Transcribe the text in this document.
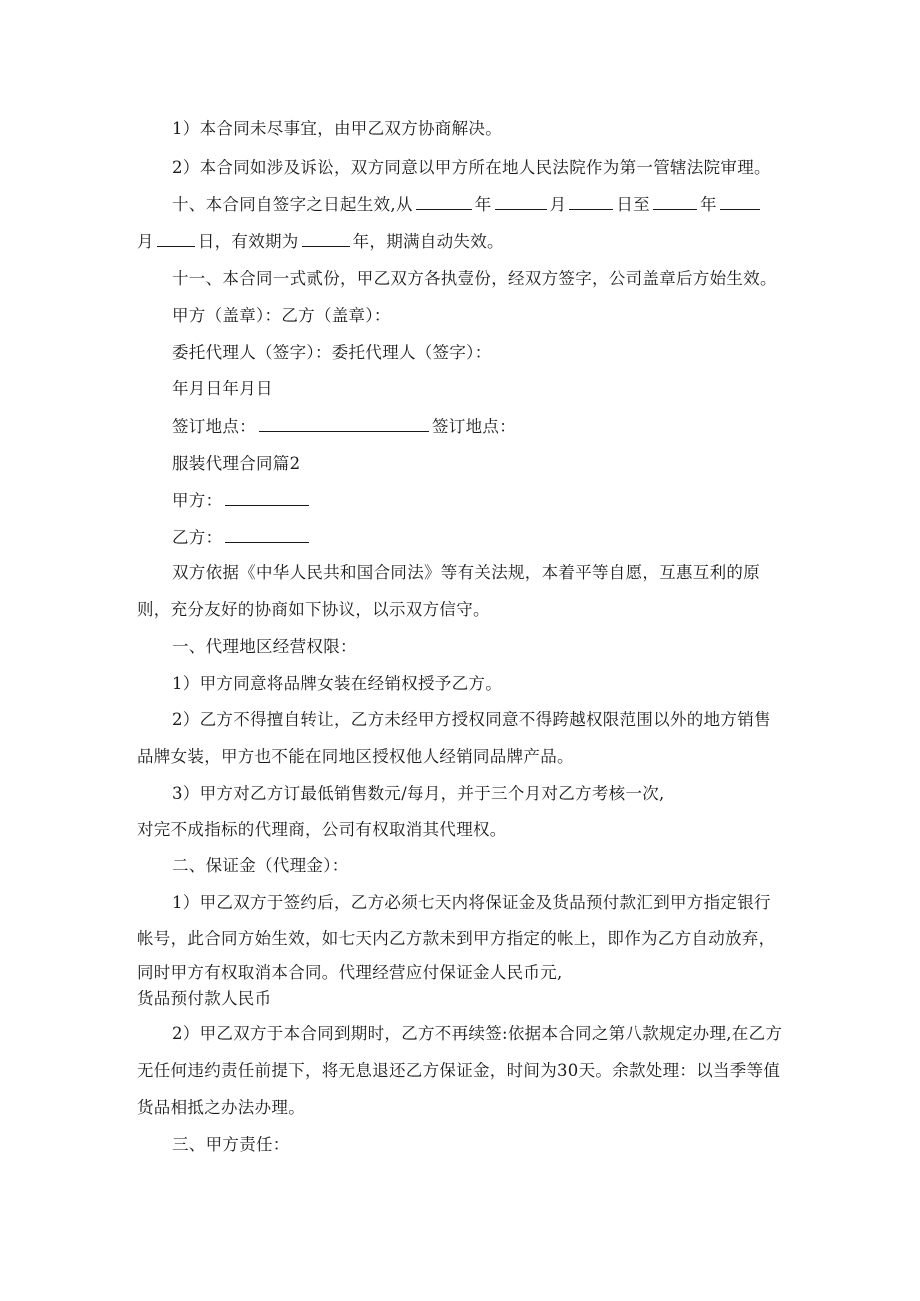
1）本合同未尽事宜，由甲乙双方协商解决。
2）本合同如涉及诉讼，双方同意以甲方所在地人民法院作为第一管辖法院审理。
十、本合同自签字之日起生效,从	年	月	日至	年
月	日，有效期为	年，期满自动失效。
十一、本合同一式贰份，甲乙双方各执壹份，经双方签字，公司盖章后方始生效。
甲方（盖章）：乙方（盖章）：
委托代理人（签字）：委托代理人（签字）：
年月日年月日
签订地点：	签订地点：
服装代理合同篇2
甲方：
乙方：
双方依据《中华人民共和国合同法》等有关法规，本着平等自愿，互惠互利的原
则，充分友好的协商如下协议，以示双方信守。
一、代理地区经营权限：
1）甲方同意将品牌女装在经销权授予乙方。
2）乙方不得擅自转让，乙方未经甲方授权同意不得跨越权限范围以外的地方销售
品牌女装，甲方也不能在同地区授权他人经销同品牌产品。
3）甲方对乙方订最低销售数元/每月，并于三个月对乙方考核一次,
对完不成指标的代理商，公司有权取消其代理权。
二、保证金（代理金）：
1）甲乙双方于签约后，乙方必须七天内将保证金及货品预付款汇到甲方指定银行
帐号，此合同方始生效，如七天内乙方款未到甲方指定的帐上，即作为乙方自动放弃，
同时甲方有权取消本合同。代理经营应付保证金人民币元,
货品预付款人民币
2）甲乙双方于本合同到期时，乙方不再续签:依据本合同之第八款规定办理,在乙方
无任何违约责任前提下，将无息退还乙方保证金，时间为30天。余款处理：以当季等值
货品相抵之办法办理。
三、甲方责任：
